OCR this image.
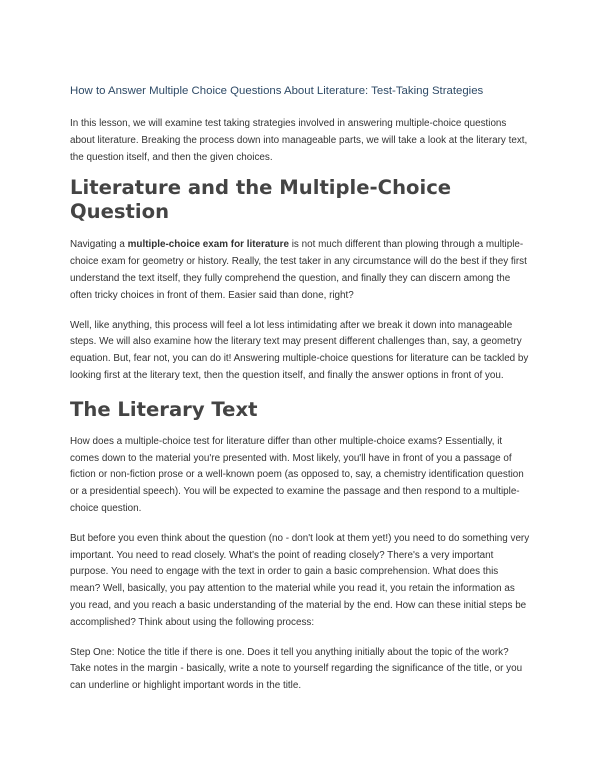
How to Answer Multiple Choice Questions About Literature: Test-Taking Strategies

In this lesson, we will examine test taking strategies involved in answering multiple-choice questions about literature. Breaking the process down into manageable parts, we will take a look at the literary text, the question itself, and then the given choices.

Literature and the Multiple-Choice Question

Navigating a multiple-choice exam for literature is not much different than plowing through a multiple-choice exam for geometry or history. Really, the test taker in any circumstance will do the best if they first understand the text itself, they fully comprehend the question, and finally they can discern among the often tricky choices in front of them. Easier said than done, right?

Well, like anything, this process will feel a lot less intimidating after we break it down into manageable steps. We will also examine how the literary text may present different challenges than, say, a geometry equation. But, fear not, you can do it! Answering multiple-choice questions for literature can be tackled by looking first at the literary text, then the question itself, and finally the answer options in front of you.

The Literary Text

How does a multiple-choice test for literature differ than other multiple-choice exams? Essentially, it comes down to the material you're presented with. Most likely, you'll have in front of you a passage of fiction or non-fiction prose or a well-known poem (as opposed to, say, a chemistry identification question or a presidential speech). You will be expected to examine the passage and then respond to a multiple-choice question.

But before you even think about the question (no - don't look at them yet!) you need to do something very important. You need to read closely. What's the point of reading closely? There's a very important purpose. You need to engage with the text in order to gain a basic comprehension. What does this mean? Well, basically, you pay attention to the material while you read it, you retain the information as you read, and you reach a basic understanding of the material by the end. How can these initial steps be accomplished? Think about using the following process:

Step One: Notice the title if there is one. Does it tell you anything initially about the topic of the work? Take notes in the margin - basically, write a note to yourself regarding the significance of the title, or you can underline or highlight important words in the title.
